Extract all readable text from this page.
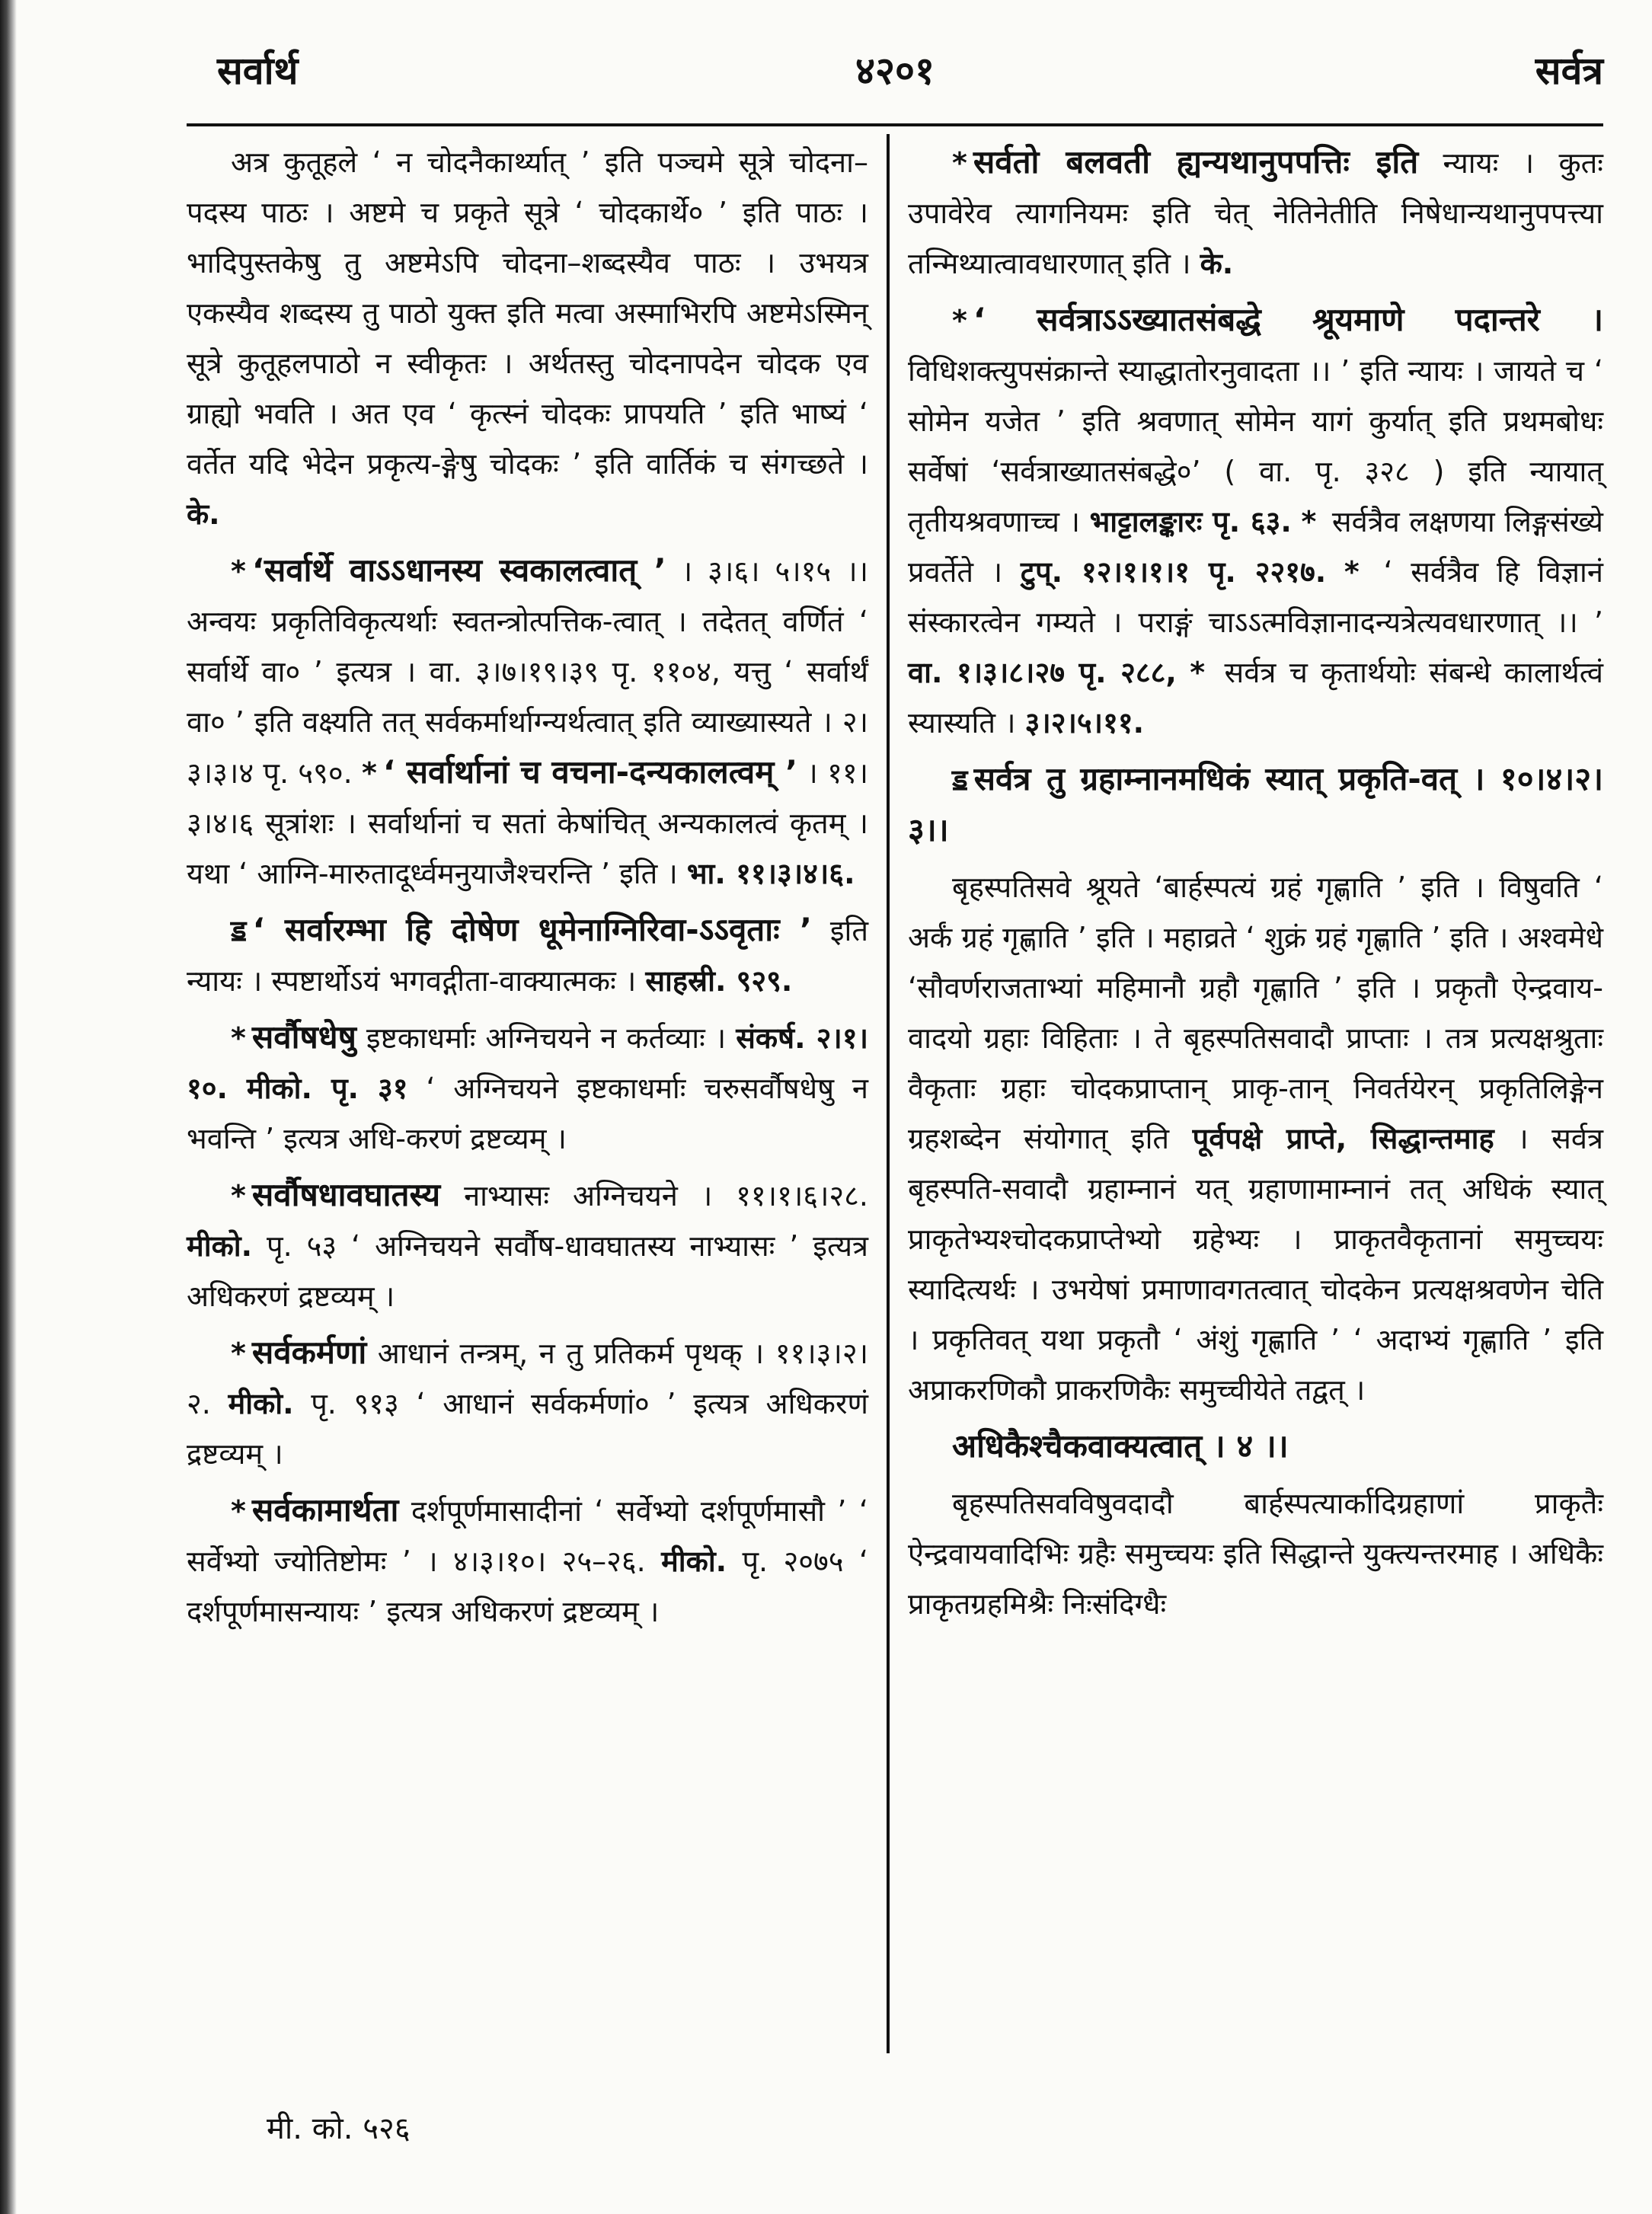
सर्वार्थ	४२०१	सर्वत्र

अत्र कुतूहले ‘ न चोदनैकार्थ्यात् ’ इति पञ्चमे सूत्रे चोदना–पदस्य पाठः । अष्टमे च प्रकृते सूत्रे ‘ चोदकार्थे० ’ इति पाठः । भादिपुस्तकेषु तु अष्टमेऽपि चोदना–शब्दस्यैव पाठः । उभयत्र एकस्यैव शब्दस्य तु पाठो युक्त इति मत्वा अस्माभिरपि अष्टमेऽस्मिन् सूत्रे कुतूहलपाठो न स्वीकृतः । अर्थतस्तु चोदनापदेन चोदक एव ग्राह्यो भवति । अत एव ‘ कृत्स्नं चोदकः प्रापयति ’ इति भाष्यं ‘ वर्तेत यदि भेदेन प्रकृत्य-ङ्गेषु चोदकः ’ इति वार्तिकं च संगच्छते । के.

* ‘सर्वार्थे वाऽऽधानस्य स्वकालत्वात् ’ । ३।६। ५।१५ ।। अन्वयः प्रकृतिविकृत्यर्थाः स्वतन्त्रोत्पत्तिक-त्वात् । तदेतत् वर्णितं ‘ सर्वार्थे वा० ’ इत्यत्र । वा. ३।७।१९।३९ पृ. ११०४, यत्तु ‘ सर्वार्थं वा० ’ इति वक्ष्यति तत् सर्वकर्मार्थाग्न्यर्थत्वात् इति व्याख्यास्यते । २।३।३।४ पृ. ५९०. * ‘ सर्वार्थानां च वचना-दन्यकालत्वम् ’ । ११।३।४।६ सूत्रांशः । सर्वार्थानां च सतां केषांचित् अन्यकालत्वं कृतम् । यथा ‘ आग्नि-मारुतादूर्ध्वमनुयाजैश्चरन्ति ’ इति । भा. ११।३।४।६.

ॾ ‘ सर्वारम्भा हि दोषेण धूमेनाग्निरिवा-ऽऽवृताः ’ इति न्यायः । स्पष्टार्थोऽयं भगवद्गीता-वाक्यात्मकः । साहस्री. ९२९.

* सर्वौषधेषु इष्टकाधर्माः अग्निचयने न कर्तव्याः । संकर्ष. २।१।१०. मीको. पृ. ३१ ‘ अग्निचयने इष्टकाधर्माः चरुसर्वौषधेषु न भवन्ति ’ इत्यत्र अधि-करणं द्रष्टव्यम् ।

* सर्वौषधावघातस्य नाभ्यासः अग्निचयने । ११।१।६।२८. मीको. पृ. ५३ ‘ अग्निचयने सर्वौष-धावघातस्य नाभ्यासः ’ इत्यत्र अधिकरणं द्रष्टव्यम् ।

* सर्वकर्मणां आधानं तन्त्रम्, न तु प्रतिकर्म पृथक् । ११।३।२।२. मीको. पृ. ९१३ ‘ आधानं सर्वकर्मणां० ’ इत्यत्र अधिकरणं द्रष्टव्यम् ।

* सर्वकामार्थता दर्शपूर्णमासादीनां ‘ सर्वेभ्यो दर्शपूर्णमासौ ’ ‘ सर्वेभ्यो ज्योतिष्टोमः ’ । ४।३।१०। २५–२६. मीको. पृ. २०७५ ‘ दर्शपूर्णमासन्यायः ’ इत्यत्र अधिकरणं द्रष्टव्यम् ।

* सर्वतो बलवती ह्यन्यथानुपपत्तिः इति न्यायः । कुतः उपावेरेव त्यागनियमः इति चेत् नेतिनेतीति निषेधान्यथानुपपत्त्या तन्मिथ्यात्वावधारणात् इति । के.

* ‘ सर्वत्राऽऽख्यातसंबद्धे श्रूयमाणे पदान्तरे । विधिशक्त्युपसंक्रान्ते स्याद्धातोरनुवादता ।। ’ इति न्यायः । जायते च ‘ सोमेन यजेत ’ इति श्रवणात् सोमेन यागं कुर्यात् इति प्रथमबोधः सर्वेषां ‘सर्वत्राख्यातसंबद्धे०’ ( वा. पृ. ३२८ ) इति न्यायात् तृतीयश्रवणाच्च । भाट्टालङ्कारः पृ. ६३. * सर्वत्रैव लक्षणया लिङ्गसंख्ये प्रवर्तेते । टुप्. १२।१।१।१ पृ. २२१७. * ‘ सर्वत्रैव हि विज्ञानं संस्कारत्वेन गम्यते । पराङ्गं चाऽऽत्मविज्ञानादन्यत्रेत्यवधारणात् ।। ’ वा. १।३।८।२७ पृ. २८८, * सर्वत्र च कृतार्थयोः संबन्धे कालार्थत्वं स्यास्यति । ३।२।५।११.

ॾ सर्वत्र तु ग्रहाम्नानमधिकं स्यात् प्रकृति-वत् । १०।४।२।३।।

बृहस्पतिसवे श्रूयते ‘बार्हस्पत्यं ग्रहं गृह्णाति ’ इति । विषुवति ‘ अर्कं ग्रहं गृह्णाति ’ इति । महाव्रते ‘ शुक्रं ग्रहं गृह्णाति ’ इति । अश्वमेधे ‘सौवर्णराजताभ्यां महिमानौ ग्रहौ गृह्णाति ’ इति । प्रकृतौ ऐन्द्रवाय-वादयो ग्रहाः विहिताः । ते बृहस्पतिसवादौ प्राप्ताः । तत्र प्रत्यक्षश्रुताः वैकृताः ग्रहाः चोदकप्राप्तान् प्राकृ-तान् निवर्तयेरन् प्रकृतिलिङ्गेन ग्रहशब्देन संयोगात् इति पूर्वपक्षे प्राप्ते, सिद्धान्तमाह । सर्वत्र बृहस्पति-सवादौ ग्रहाम्नानं यत् ग्रहाणामाम्नानं तत् अधिकं स्यात् प्राकृतेभ्यश्चोदकप्राप्तेभ्यो ग्रहेभ्यः । प्राकृतवैकृतानां समुच्चयः स्यादित्यर्थः । उभयेषां प्रमाणावगतत्वात् चोदकेन प्रत्यक्षश्रवणेन चेति । प्रकृतिवत् यथा प्रकृतौ ‘ अंशुं गृह्णाति ’ ‘ अदाभ्यं गृह्णाति ’ इति अप्राकरणिकौ प्राकरणिकैः समुच्चीयेते तद्वत् ।

अधिकैश्चैकवाक्यत्वात् । ४ ।।

बृहस्पतिसवविषुवदादौ बार्हस्पत्यार्कादिग्रहाणां प्राकृतैः ऐन्द्रवायवादिभिः ग्रहैः समुच्चयः इति सिद्धान्ते युक्त्यन्तरमाह । अधिकैः प्राकृतग्रहमिश्रैः निःसंदिग्धैः

मी. को. ५२६
